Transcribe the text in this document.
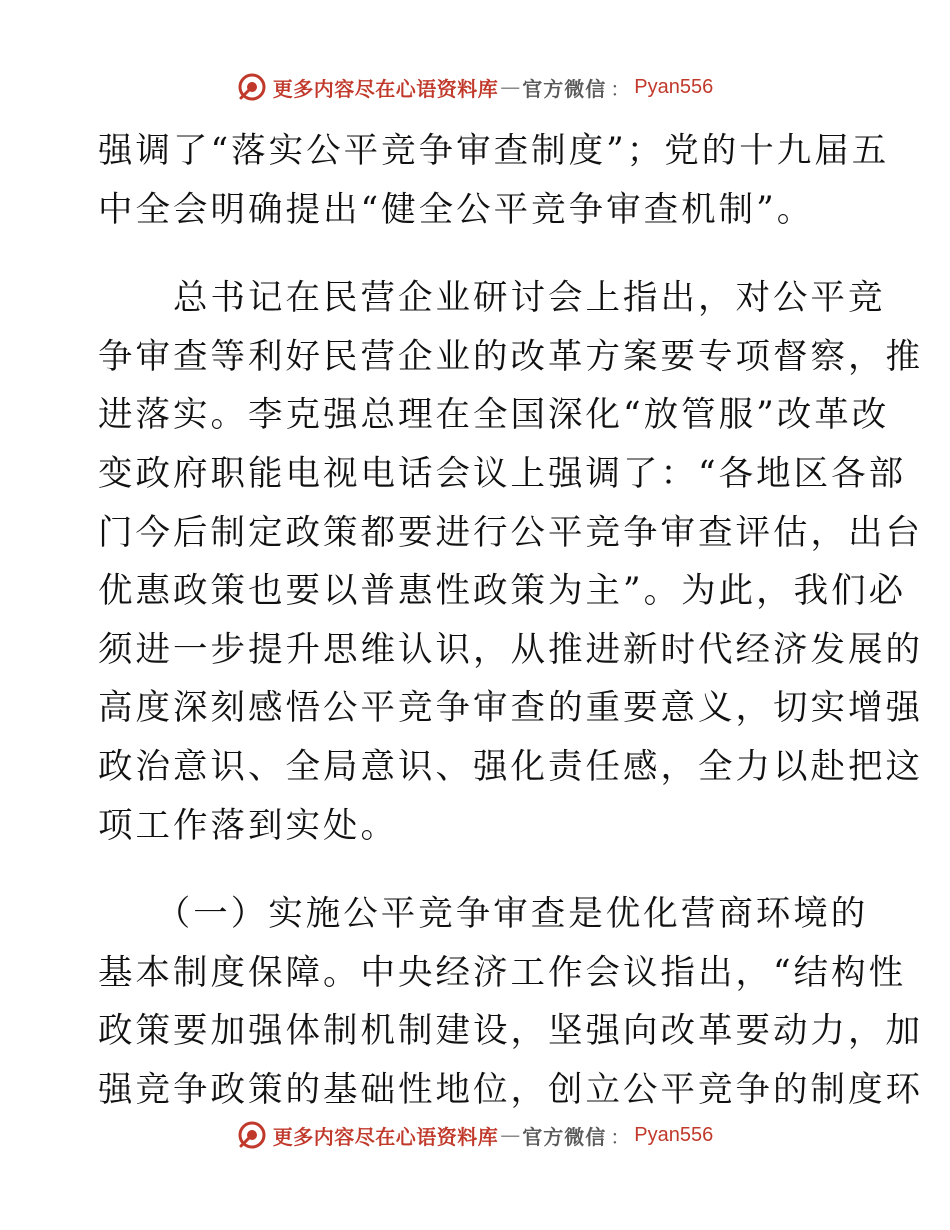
更多内容尽在心语资料库 — 官方微信 ： Pyan556
强调了“落实公平竞争审查制度”；党的十九届五
中全会明确提出“健全公平竞争审查机制”。
　　总书记在民营企业研讨会上指出，对公平竞
争审查等利好民营企业的改革方案要专项督察，推
进落实。李克强总理在全国深化“放管服”改革改
变政府职能电视电话会议上强调了：“各地区各部
门今后制定政策都要进行公平竞争审查评估，出台
优惠政策也要以普惠性政策为主”。为此，我们必
须进一步提升思维认识，从推进新时代经济发展的
高度深刻感悟公平竞争审查的重要意义，切实增强
政治意识、全局意识、强化责任感，全力以赴把这
项工作落到实处。
　　（一）实施公平竞争审查是优化营商环境的
基本制度保障。中央经济工作会议指出，“结构性
政策要加强体制机制建设，坚强向改革要动力，加
强竞争政策的基础性地位，创立公平竞争的制度环
更多内容尽在心语资料库 — 官方微信 ： Pyan556
